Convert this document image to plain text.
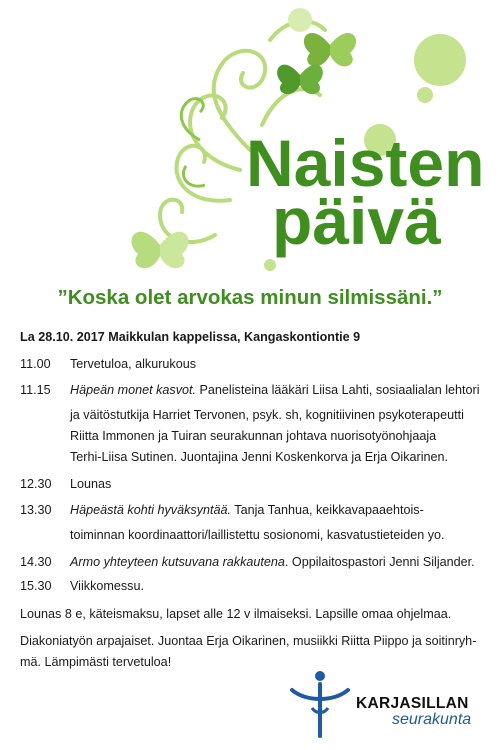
Naisten
päivä
”Koska olet arvokas minun silmissäni.”
La 28.10. 2017 Maikkulan kappelissa, Kangaskontiontie 9
11.00 Tervetuloa, alkurukous
11.15 Häpeän monet kasvot. Panelisteina lääkäri Liisa Lahti, sosiaalialan lehtori
ja väitöstutkija Harriet Tervonen, psyk. sh, kognitiivinen psykoterapeutti
Riitta Immonen ja Tuiran seurakunnan johtava nuorisotyönohjaaja
Terhi-Liisa Sutinen. Juontajina Jenni Koskenkorva ja Erja Oikarinen.
12.30 Lounas
13.30 Häpeästä kohti hyväksyntää. Tanja Tanhua, keikkavapaaehtois-
toiminnan koordinaattori/laillistettu sosionomi, kasvatustieteiden yo.
14.30 Armo yhteyteen kutsuvana rakkautena. Oppilaitospastori Jenni Siljander.
15.30 Viikkomessu.
Lounas 8 e, käteismaksu, lapset alle 12 v ilmaiseksi. Lapsille omaa ohjelmaa.
Diakoniatyön arpajaiset. Juontaa Erja Oikarinen, musiikki Riitta Piippo ja soitinryh-
mä. Lämpimästi tervetuloa!
KARJASILLAN
seurakunta
